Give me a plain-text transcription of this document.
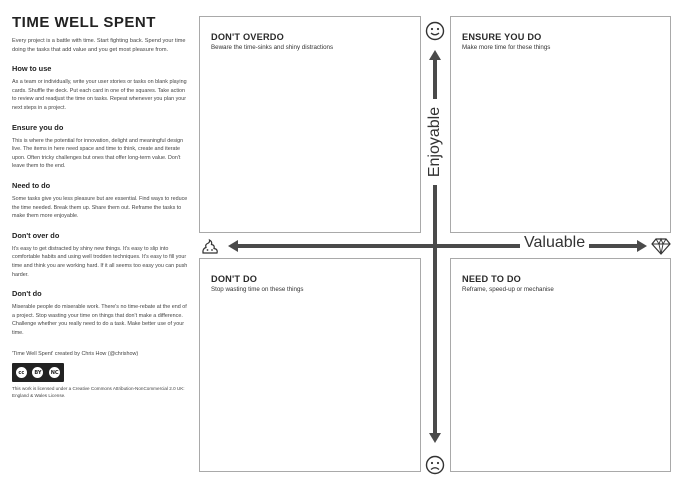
TIME WELL SPENT

Every project is a battle with time. Start fighting back. Spend your time doing the tasks that add value and you get most pleasure from.

How to use

As a team or individually, write your user stories or tasks on blank playing cards. Shuffle the deck. Put each card in one of the squares. Take action to review and readjust the time on tasks. Repeat whenever you plan your next steps in a project.

Ensure you do

This is where the potential for innovation, delight and meaningful design live. The items in here need space and time to think, create and iterate upon. Often tricky challenges but ones that offer long-term value. Don't leave them to the end.

Need to do

Some tasks give you less pleasure but are essential. Find ways to reduce the time needed. Break them up. Share them out. Reframe the tasks to make them more enjoyable.

Don't over do

It's easy to get distracted by shiny new things. It's easy to slip into comfortable habits and using well trodden techniques. It's easy to fill your time and think you are working hard. If it all seems too easy you can push harder.

Don't do

Miserable people do miserable work. There's no time-rebate at the end of a project. Stop wasting your time on things that don't make a difference. Challenge whether you really need to do a task. Make better use of your time.

'Time Well Spent' created by Chris How (@chrishow)
cc	BY	NC
This work is licensed under a Creative Commons Attribution-NonCommercial 2.0 UK: England & Wales License.
DON'T OVERDO
Beware the time-sinks and shiny distractions
ENSURE YOU DO
Make more time for these things
DON'T DO
Stop wasting time on these things
NEED TO DO
Reframe, speed-up or mechanise
Enjoyable
Valuable
